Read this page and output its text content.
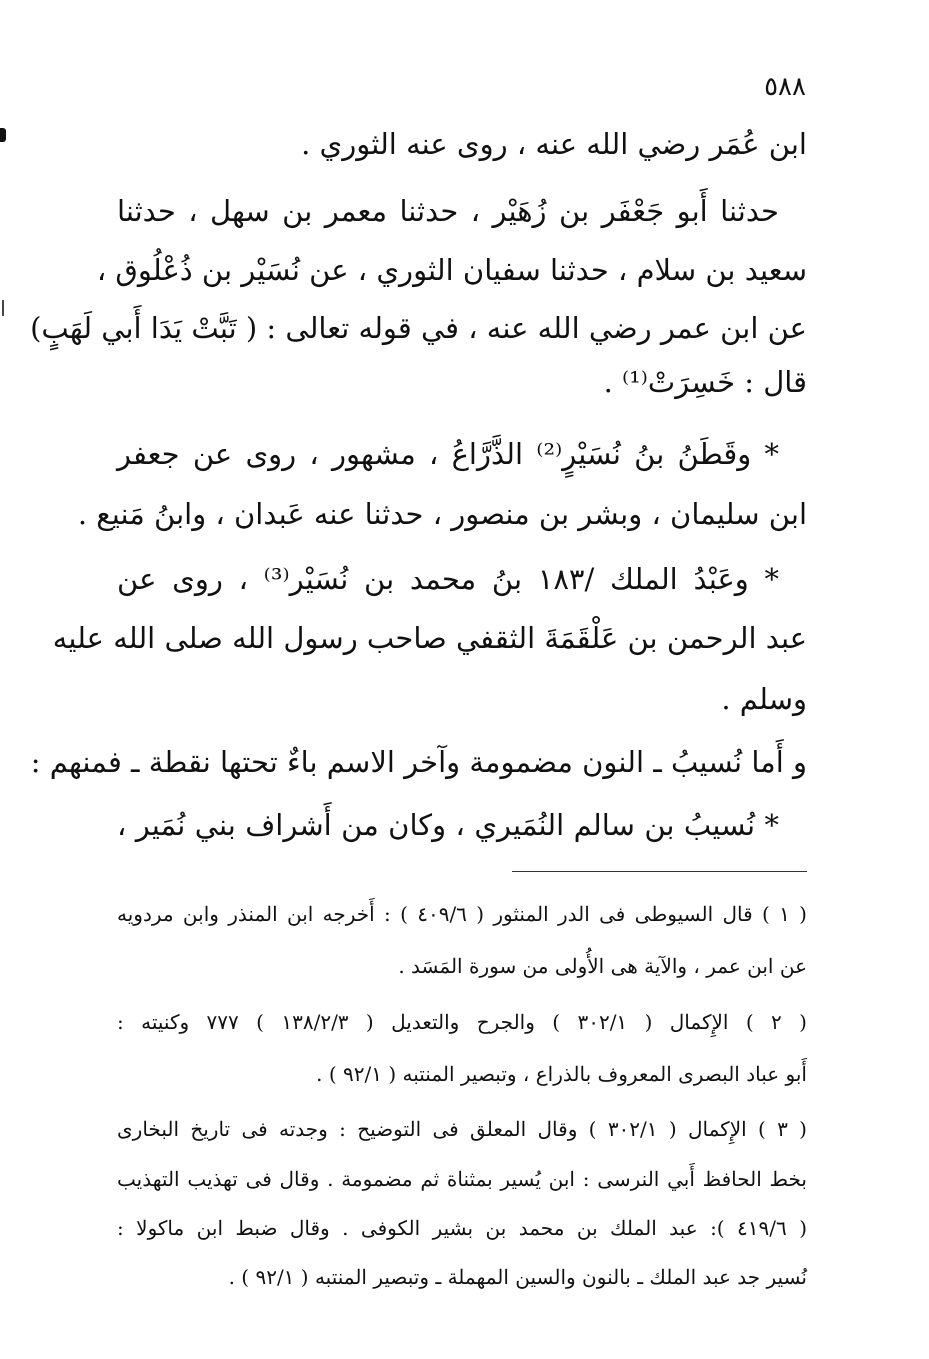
٥٨٨
ابن عُمَر رضي الله عنه ، روى عنه الثوري .
حدثنا أَبو جَعْفَر بن زُهَيْر ، حدثنا معمر بن سهل ، حدثنا
سعيد بن سلام ، حدثنا سفيان الثوري ، عن نُسَيْر بن ذُعْلُوق ،
عن ابن عمر رضي الله عنه ، في قوله تعالى : ( تَبَّتْ يَدَا أَبي لَهَبٍ)
قال : خَسِرَتْ⁽¹⁾ .
* وقَطَنُ بنُ نُسَيْرٍ⁽²⁾ الذَّرَّاعُ ، مشهور ، روى عن جعفر
ابن سليمان ، وبشر بن منصور ، حدثنا عنه عَبدان ، وابنُ مَنيع .
* وعَبْدُ الملك /١٨٣ بنُ محمد بن نُسَيْر⁽³⁾ ، روى عن
عبد الرحمن بن عَلْقَمَةَ الثقفي صاحب رسول الله صلى الله عليه
وسلم .
و أَما نُسيبُ ـ النون مضمومة وآخر الاسم باءٌ تحتها نقطة ـ فمنهم :
* نُسيبُ بن سالم النُمَيري ، وكان من أَشراف بني نُمَير ،
( ١ ) قال السيوطى فى الدر المنثور ( ٤٠٩/٦ ) : أَخرجه ابن المنذر وابن مردويه
عن ابن عمر ، والآية هى الأُولى من سورة المَسَد .
( ٢ ) الإِكمال ( ٣٠٢/١ ) والجرح والتعديل ( ١٣٨/٢/٣ ) ٧٧٧ وكنيته :
أَبو عباد البصرى المعروف بالذراع ، وتبصير المنتبه ( ٩٢/١ ) .
( ٣ ) الإِكمال ( ٣٠٢/١ ) وقال المعلق فى التوضيح : وجدته فى تاريخ البخارى
بخط الحافظ أَبي النرسى : ابن يُسير بمثناة ثم مضمومة . وقال فى تهذيب التهذيب
( ٤١٩/٦ ): عبد الملك بن محمد بن بشير الكوفى . وقال ضبط ابن ماكولا :
نُسير جد عبد الملك ـ بالنون والسين المهملة ـ وتبصير المنتبه ( ٩٢/١ ) .
